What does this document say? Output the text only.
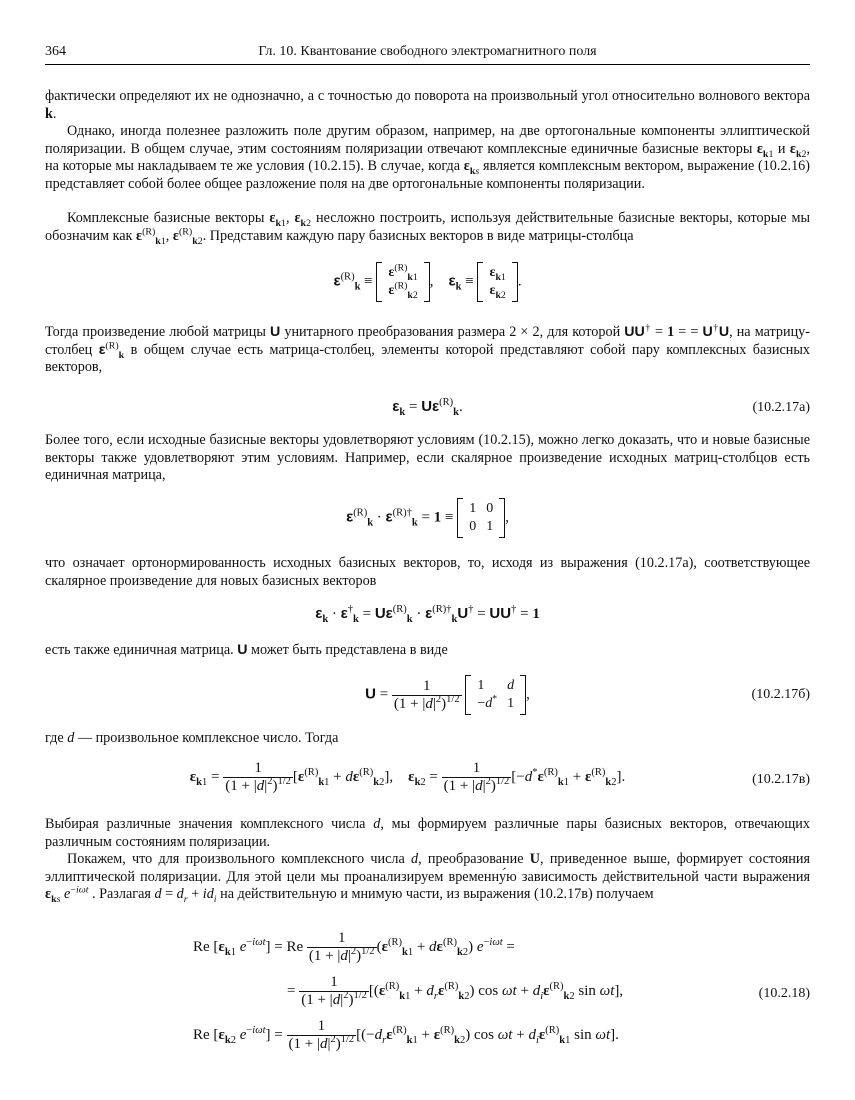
364	Гл. 10. Квантование свободного электромагнитного поля

фактически определяют их не однозначно, а с точностью до поворота на произвольный угол относительно волнового вектора k.

Однако, иногда полезнее разложить поле другим образом, например, на две ортогональные компоненты эллиптической поляризации. В общем случае, этим состояниям поляризации отвечают комплексные единичные базисные векторы $\varepsilon_{k1}$ и $\varepsilon_{k2}$, на которые мы накладываем те же условия (10.2.15). В случае, когда $\varepsilon_{ks}$ является комплексным вектором, выражение (10.2.16) представляет собой более общее разложение поля на две ортогональные компоненты поляризации.

Комплексные базисные векторы $\varepsilon_{k1}$, $\varepsilon_{k2}$ несложно построить, используя действительные базисные векторы, которые мы обозначим как $\varepsilon^{(R)}_{k1}$, $\varepsilon^{(R)}_{k2}$. Представим каждую пару базисных векторов в виде матрицы-столбца

$\varepsilon^{(R)}_k$ ≡
$\varepsilon^{(R)}_{k1}$
$\varepsilon^{(R)}_{k2}$
,    $\varepsilon_k$ ≡
$\varepsilon_{k1}$
$\varepsilon_{k2}$
.

Тогда произведение любой матрицы U унитарного преобразования размера 2 × 2, для которой UU† = 1 = = U†U, на матрицу-столбец $\varepsilon^{(R)}_k$ в общем случае есть матрица-столбец, элементы которой представляют собой пару комплексных базисных векторов,

$\varepsilon_k = U\varepsilon^{(R)}_k$.	(10.2.17а)

Более того, если исходные базисные векторы удовлетворяют условиям (10.2.15), можно легко доказать, что и новые базисные векторы также удовлетворяют этим условиям. Например, если скалярное произведение исходных матриц-столбцов есть единичная матрица,

$\varepsilon^{(R)}_k \cdot \varepsilon^{(R)\dagger}_k = 1$ ≡
1	0
0	1
,

что означает ортонормированность исходных базисных векторов, то, исходя из выражения (10.2.17а), соответствующее скалярное произведение для новых базисных векторов

$\varepsilon_k \cdot \varepsilon^\dagger_k = U\varepsilon^{(R)}_k \cdot \varepsilon^{(R)\dagger}_kU^\dagger = UU^\dagger = 1$

есть также единичная матрица. U может быть представлена в виде

$U = \frac{1}{(1 + |d|^2)^{1/2}}$
1	d
−d*	1
,	(10.2.17б)

где d — произвольное комплексное число. Тогда

$\varepsilon_{k1} = \frac{1}{(1 + |d|^2)^{1/2}} [\varepsilon^{(R)}_{k1} + d\varepsilon^{(R)}_{k2}]$,    $\varepsilon_{k2} = \frac{1}{(1 + |d|^2)^{1/2}} [-d^*\varepsilon^{(R)}_{k1} + \varepsilon^{(R)}_{k2}]$.	(10.2.17в)

Выбирая различные значения комплексного числа d, мы формируем различные пары базисных векторов, отвечающих различным состояниям поляризации.

Покажем, что для произвольного комплексного числа d, преобразование U, приведенное выше, формирует состояния эллиптической поляризации. Для этой цели мы проанализируем временну́ю зависимость действительной части выражения $\varepsilon_{ks}$ $e^{-i\omega t}$ . Разлагая $d = d_r + id_i$ на действительную и мнимую части, из выражения (10.2.17в) получаем

Re [$\varepsilon_{k1}$ $e^{-i\omega t}] = Re \frac{1}{(1 + |d|^2)^{1/2}} (\varepsilon^{(R)}_{k1} + d\varepsilon^{(R)}_{k2}) e^{-i\omega t}$ =
= $\frac{1}{(1 + |d|^2)^{1/2}} [(\varepsilon^{(R)}_{k1} + d_r\varepsilon^{(R)}_{k2})$ $\cos \omega t + d_i\varepsilon^{(R)}_{k2}$ sin ωt],	(10.2.18)
Re [$\varepsilon_{k2}$ $e^{-i\omega t}] = \frac{1}{(1 + |d|^2)^{1/2}} [(-d_r\varepsilon^{(R)}_{k1} + \varepsilon^{(R)}_{k2})$ $\cos \omega t + d_i\varepsilon^{(R)}_{k1}$ sin ωt].
